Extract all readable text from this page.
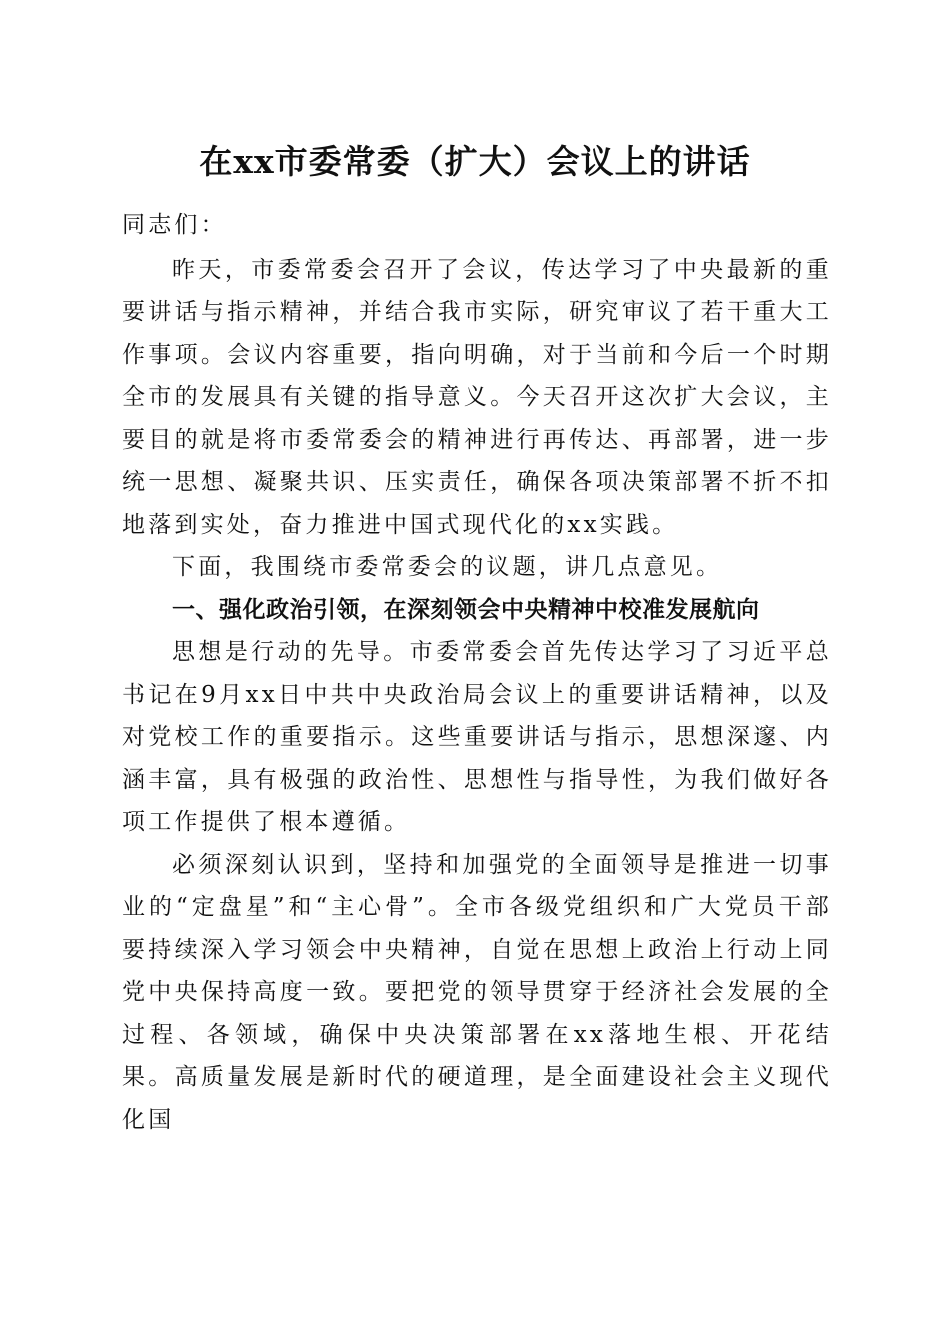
在xx市委常委（扩大）会议上的讲话

同志们：

昨天，市委常委会召开了会议，传达学习了中央最新的重要讲话与指示精神，并结合我市实际，研究审议了若干重大工作事项。会议内容重要，指向明确，对于当前和今后一个时期全市的发展具有关键的指导意义。今天召开这次扩大会议，主要目的就是将市委常委会的精神进行再传达、再部署，进一步统一思想、凝聚共识、压实责任，确保各项决策部署不折不扣地落到实处，奋力推进中国式现代化的xx实践。

下面，我围绕市委常委会的议题，讲几点意见。

一、强化政治引领，在深刻领会中央精神中校准发展航向

思想是行动的先导。市委常委会首先传达学习了习近平总书记在9月xx日中共中央政治局会议上的重要讲话精神，以及对党校工作的重要指示。这些重要讲话与指示，思想深邃、内涵丰富，具有极强的政治性、思想性与指导性，为我们做好各项工作提供了根本遵循。

必须深刻认识到，坚持和加强党的全面领导是推进一切事业的“定盘星”和“主心骨”。全市各级党组织和广大党员干部要持续深入学习领会中央精神，自觉在思想上政治上行动上同党中央保持高度一致。要把党的领导贯穿于经济社会发展的全过程、各领域，确保中央决策部署在xx落地生根、开花结果。高质量发展是新时代的硬道理，是全面建设社会主义现代化国
